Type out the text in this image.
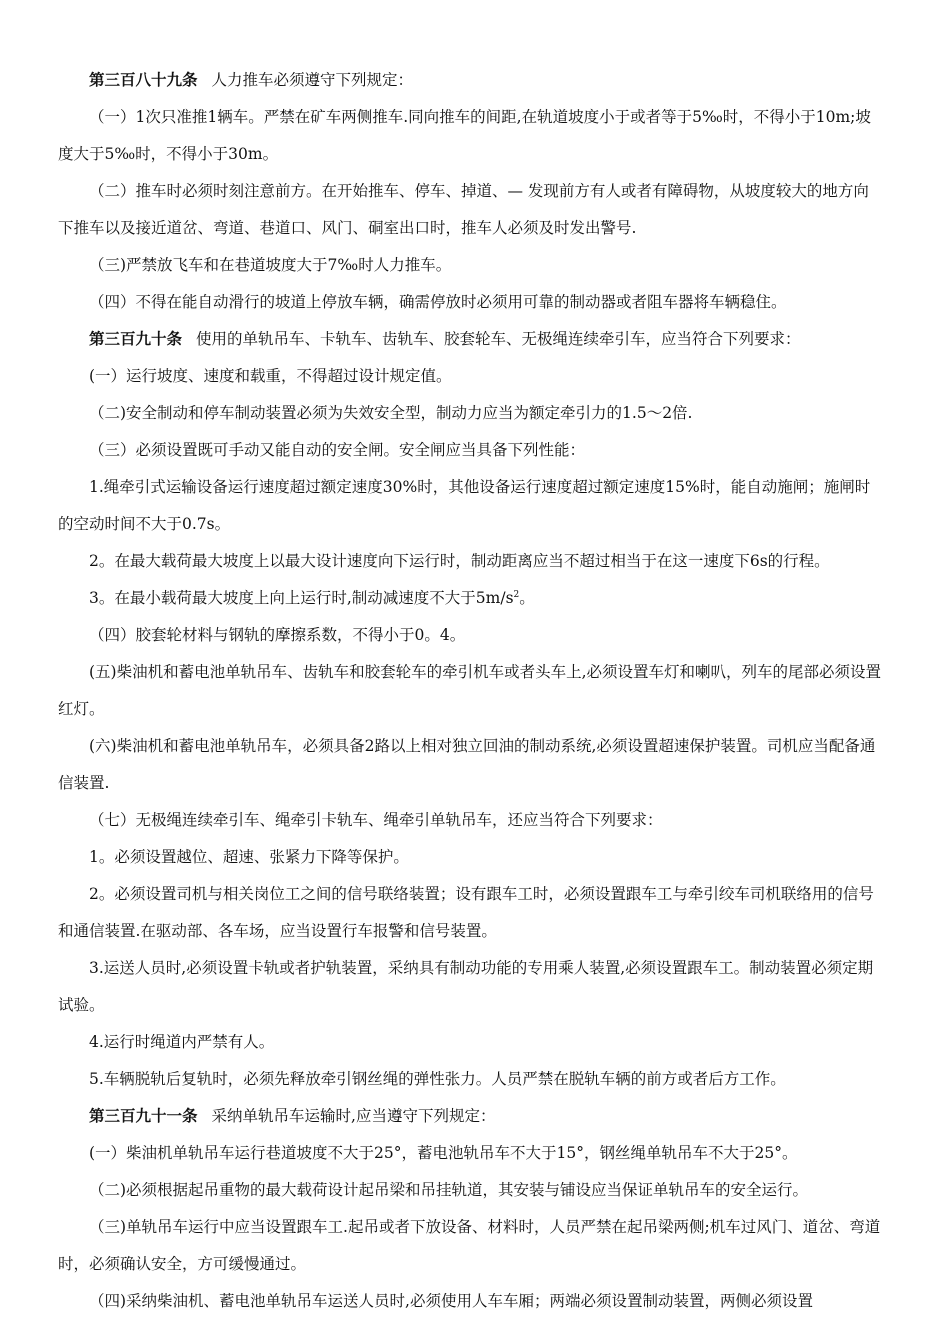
第三百八十九条 人力推车必须遵守下列规定：

（一）1次只准推1辆车。严禁在矿车两侧推车.同向推车的间距,在轨道坡度小于或者等于5‰时，不得小于10m;坡度大于5‰时，不得小于30m。

（二）推车时必须时刻注意前方。在开始推车、停车、掉道、— 发现前方有人或者有障碍物，从坡度较大的地方向下推车以及接近道岔、弯道、巷道口、风门、硐室出口时，推车人必须及时发出警号.

（三)严禁放飞车和在巷道坡度大于7‰时人力推车。

（四）不得在能自动滑行的坡道上停放车辆，确需停放时必须用可靠的制动器或者阻车器将车辆稳住。

第三百九十条 使用的单轨吊车、卡轨车、齿轨车、胶套轮车、无极绳连续牵引车，应当符合下列要求：

(一）运行坡度、速度和载重，不得超过设计规定值。

（二)安全制动和停车制动装置必须为失效安全型，制动力应当为额定牵引力的1.5～2倍.

（三）必须设置既可手动又能自动的安全闸。安全闸应当具备下列性能：

1.绳牵引式运输设备运行速度超过额定速度30%时，其他设备运行速度超过额定速度15%时，能自动施闸；施闸时的空动时间不大于0.7s。

2。在最大载荷最大坡度上以最大设计速度向下运行时，制动距离应当不超过相当于在这一速度下6s的行程。

3。在最小载荷最大坡度上向上运行时,制动减速度不大于$5m/s^2$。

（四）胶套轮材料与钢轨的摩擦系数，不得小于0。4。

(五)柴油机和蓄电池单轨吊车、齿轨车和胶套轮车的牵引机车或者头车上,必须设置车灯和喇叭，列车的尾部必须设置红灯。

(六)柴油机和蓄电池单轨吊车，必须具备2路以上相对独立回油的制动系统,必须设置超速保护装置。司机应当配备通信装置.

（七）无极绳连续牵引车、绳牵引卡轨车、绳牵引单轨吊车，还应当符合下列要求：

1。必须设置越位、超速、张紧力下降等保护。

2。必须设置司机与相关岗位工之间的信号联络装置；设有跟车工时，必须设置跟车工与牵引绞车司机联络用的信号和通信装置.在驱动部、各车场，应当设置行车报警和信号装置。

3.运送人员时,必须设置卡轨或者护轨装置，采纳具有制动功能的专用乘人装置,必须设置跟车工。制动装置必须定期试验。

4.运行时绳道内严禁有人。

5.车辆脱轨后复轨时，必须先释放牵引钢丝绳的弹性张力。人员严禁在脱轨车辆的前方或者后方工作。

第三百九十一条 采纳单轨吊车运输时,应当遵守下列规定：

(一）柴油机单轨吊车运行巷道坡度不大于25°，蓄电池轨吊车不大于15°，钢丝绳单轨吊车不大于25°。

（二)必须根据起吊重物的最大载荷设计起吊梁和吊挂轨道，其安装与铺设应当保证单轨吊车的安全运行。

（三)单轨吊车运行中应当设置跟车工.起吊或者下放设备、材料时，人员严禁在起吊梁两侧;机车过风门、道岔、弯道时，必须确认安全，方可缓慢通过。

（四)采纳柴油机、蓄电池单轨吊车运送人员时,必须使用人车车厢；两端必须设置制动装置，两侧必须设置
